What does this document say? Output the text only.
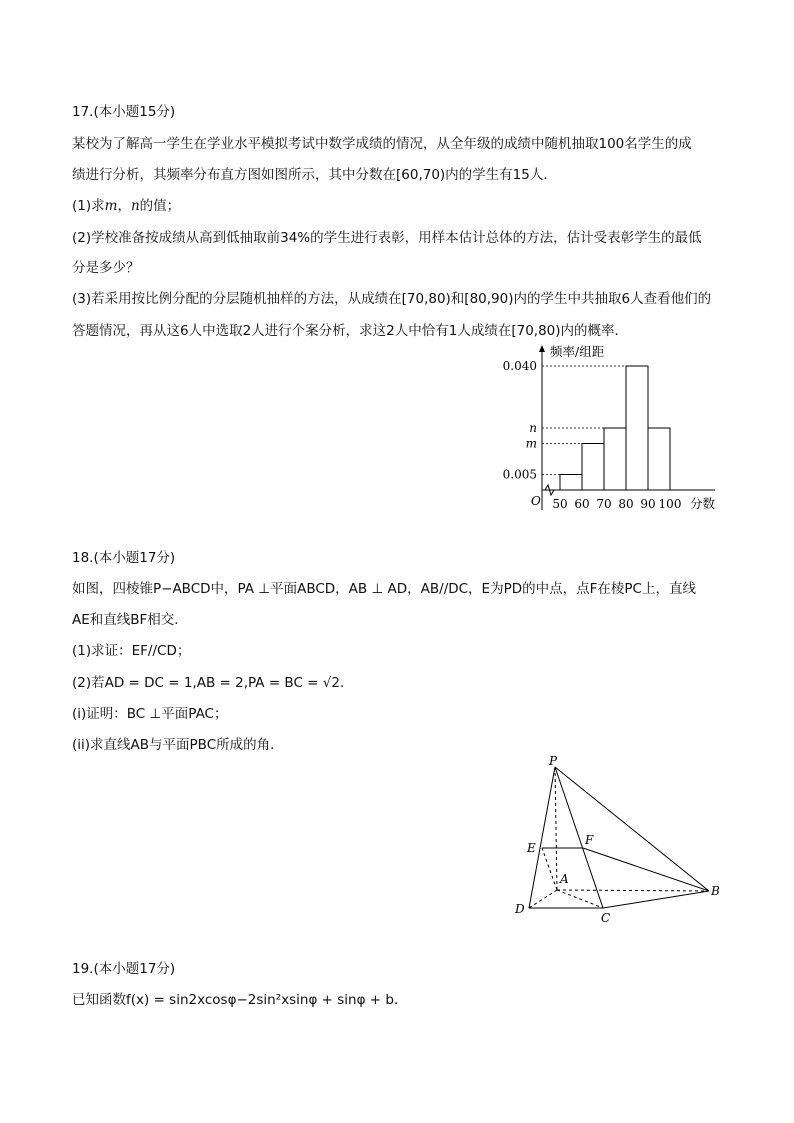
17.(本小题15分)
某校为了解高一学生在学业水平模拟考试中数学成绩的情况，从全年级的成绩中随机抽取100名学生的成
绩进行分析，其频率分布直方图如图所示，其中分数在[60,70)内的学生有15人．
(1)求m，n的值；
(2)学校准备按成绩从高到低抽取前34%的学生进行表彰，用样本估计总体的方法，估计受表彰学生的最低
分是多少？
(3)若采用按比例分配的分层随机抽样的方法，从成绩在[70,80)和[80,90)内的学生中共抽取6人查看他们的
答题情况，再从这6人中选取2人进行个案分析，求这2人中恰有1人成绩在[70,80)内的概率．
频率/组距
O	分数
0.040
n
m
0.005
50 60 70 80 90 100
18.(本小题17分)
如图，四棱锥P−ABCD中，PA ⊥平面ABCD，AB ⊥ AD，AB//DC，E为PD的中点，点F在棱PC上，直线
AE和直线BF相交．
(1)求证：EF//CD；
(2)若AD = DC = 1,AB = 2,PA = BC = √2．
(i)证明：BC ⊥平面PAC；
(ii)求直线AB与平面PBC所成的角．
P
E
F
A
B
C
D
19.(本小题17分)
已知函数f(x) = sin2xcosφ−2sin²xsinφ + sinφ + b．
